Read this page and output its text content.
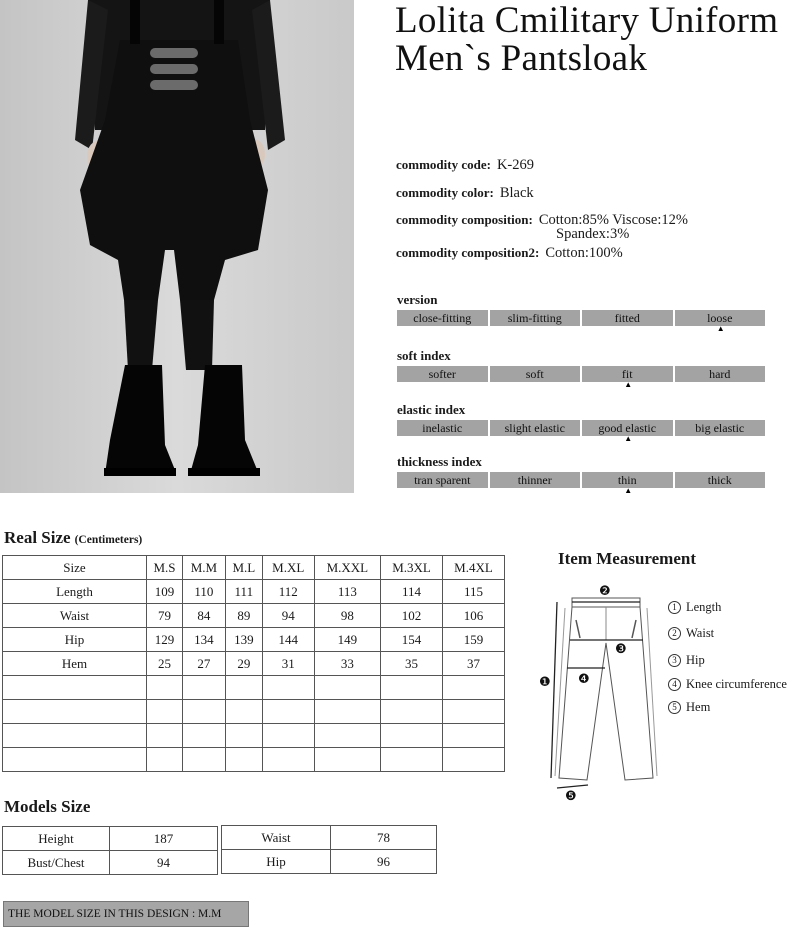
Lolita Cmilitary Uniform Men`s Pantsloak
commodity code: K-269
commodity color: Black
commodity composition: Cotton:85% Viscose:12%
Spandex:3%
commodity composition2: Cotton:100%
version
close-fitting	slim-fitting	fitted	loose
▲
soft index
softer	soft	fit	hard
▲
elastic index
inelastic	slight elastic	good elastic	big elastic
▲
thickness index
tran sparent	thinner	thin	thick
▲
Real Size (Centimeters)
Size	M.S	M.M	M.L	M.XL	M.XXL	M.3XL	M.4XL
Length	109	110	111	112	113	114	115
Waist	79	84	89	94	98	102	106
Hip	129	134	139	144	149	154	159
Hem	25	27	29	31	33	35	37

Item Measurement
❶
❷
❸
❹
❺
1 Length
2 Waist
3 Hip
4 Knee circumference
5 Hem
Models Size
Height	187
Bust/Chest	94
Waist	78
Hip	96
THE MODEL SIZE IN THIS DESIGN : M.M
